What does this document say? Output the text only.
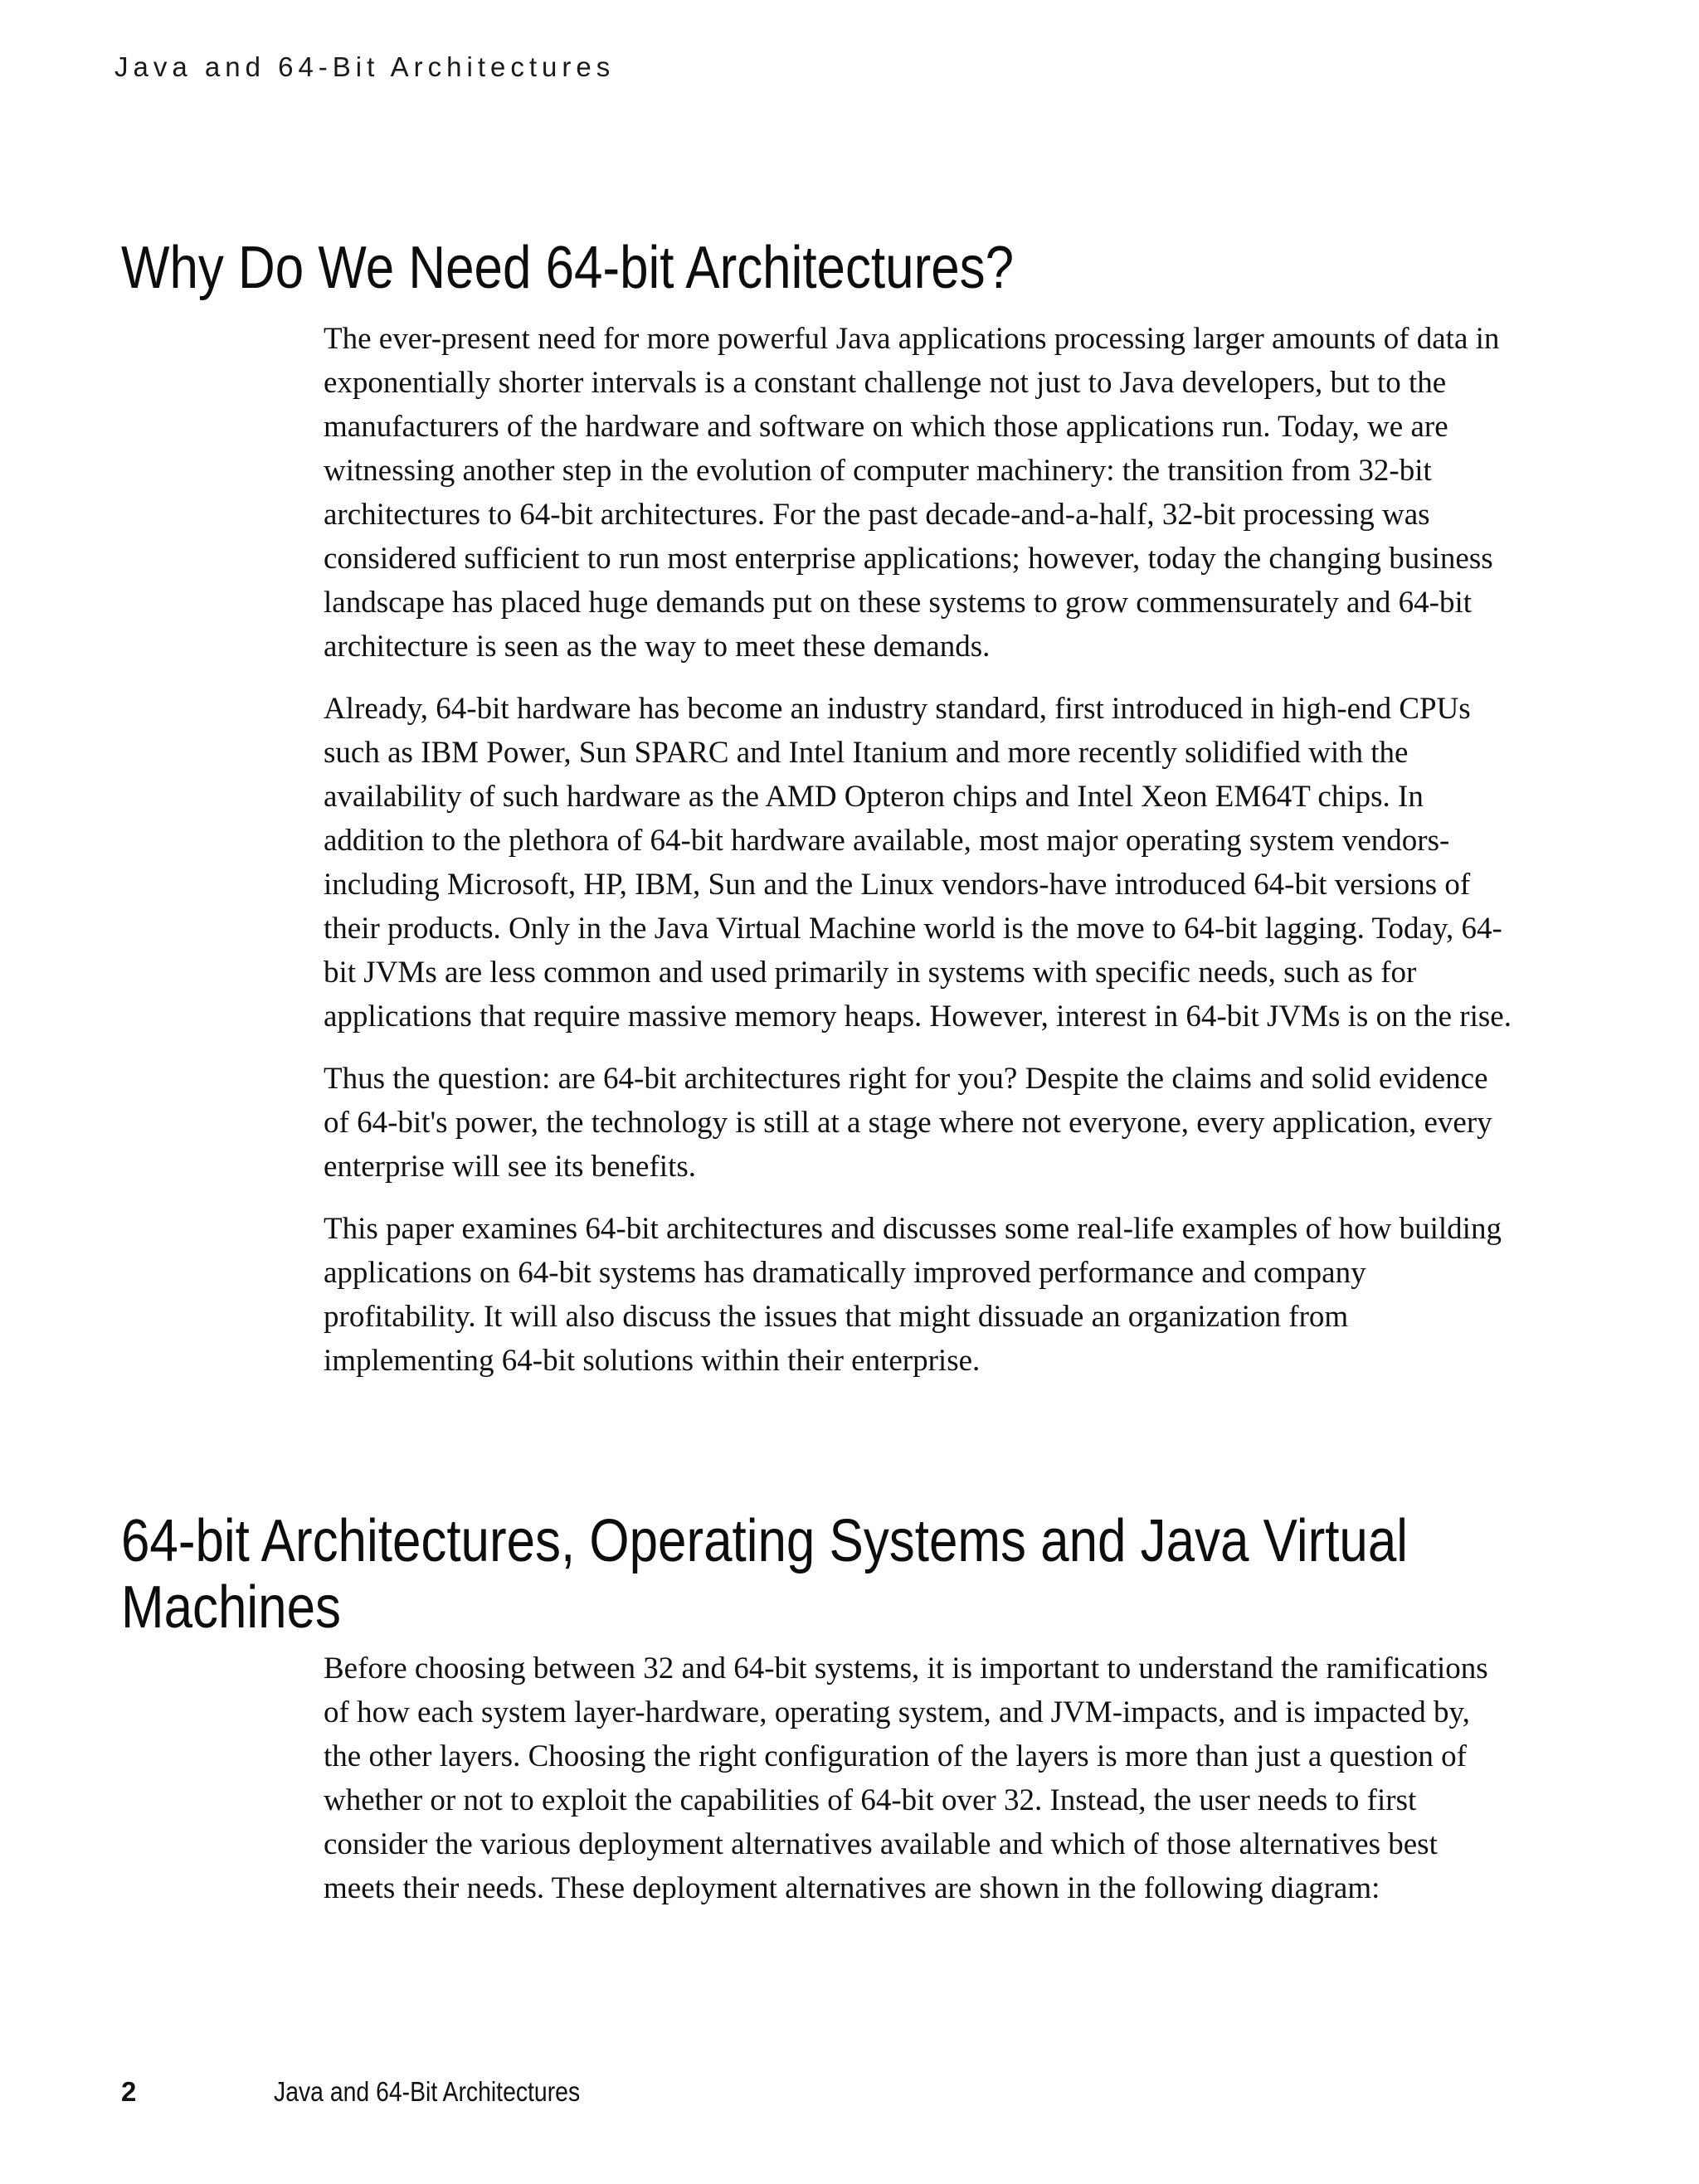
Java and 64-Bit Architectures
Why Do We Need 64-bit Architectures?

The ever-present need for more powerful Java applications processing larger amounts of data in exponentially shorter intervals is a constant challenge not just to Java developers, but to the manufacturers of the hardware and software on which those applications run. Today, we are witnessing another step in the evolution of computer machinery: the transition from 32-bit architectures to 64-bit architectures. For the past decade-and-a-half, 32-bit processing was considered sufficient to run most enterprise applications; however, today the changing business landscape has placed huge demands put on these systems to grow commensurately and 64-bit architecture is seen as the way to meet these demands.

Already, 64-bit hardware has become an industry standard, first introduced in high-end CPUs such as IBM Power, Sun SPARC and Intel Itanium and more recently solidified with the availability of such hardware as the AMD Opteron chips and Intel Xeon EM64T chips. In addition to the plethora of 64-bit hardware available, most major operating system vendors-including Microsoft, HP, IBM, Sun and the Linux vendors-have introduced 64-bit versions of their products. Only in the Java Virtual Machine world is the move to 64-bit lagging. Today, 64-bit JVMs are less common and used primarily in systems with specific needs, such as for applications that require massive memory heaps. However, interest in 64-bit JVMs is on the rise.

Thus the question: are 64-bit architectures right for you? Despite the claims and solid evidence of 64-bit's power, the technology is still at a stage where not everyone, every application, every enterprise will see its benefits.

This paper examines 64-bit architectures and discusses some real-life examples of how building applications on 64-bit systems has dramatically improved performance and company profitability. It will also discuss the issues that might dissuade an organization from implementing 64-bit solutions within their enterprise.

64-bit Architectures, Operating Systems and Java Virtual
Machines

Before choosing between 32 and 64-bit systems, it is important to understand the ramifications of how each system layer-hardware, operating system, and JVM-impacts, and is impacted by, the other layers. Choosing the right configuration of the layers is more than just a question of whether or not to exploit the capabilities of 64-bit over 32. Instead, the user needs to first consider the various deployment alternatives available and which of those alternatives best meets their needs. These deployment alternatives are shown in the following diagram:

2	Java and 64-Bit Architectures
